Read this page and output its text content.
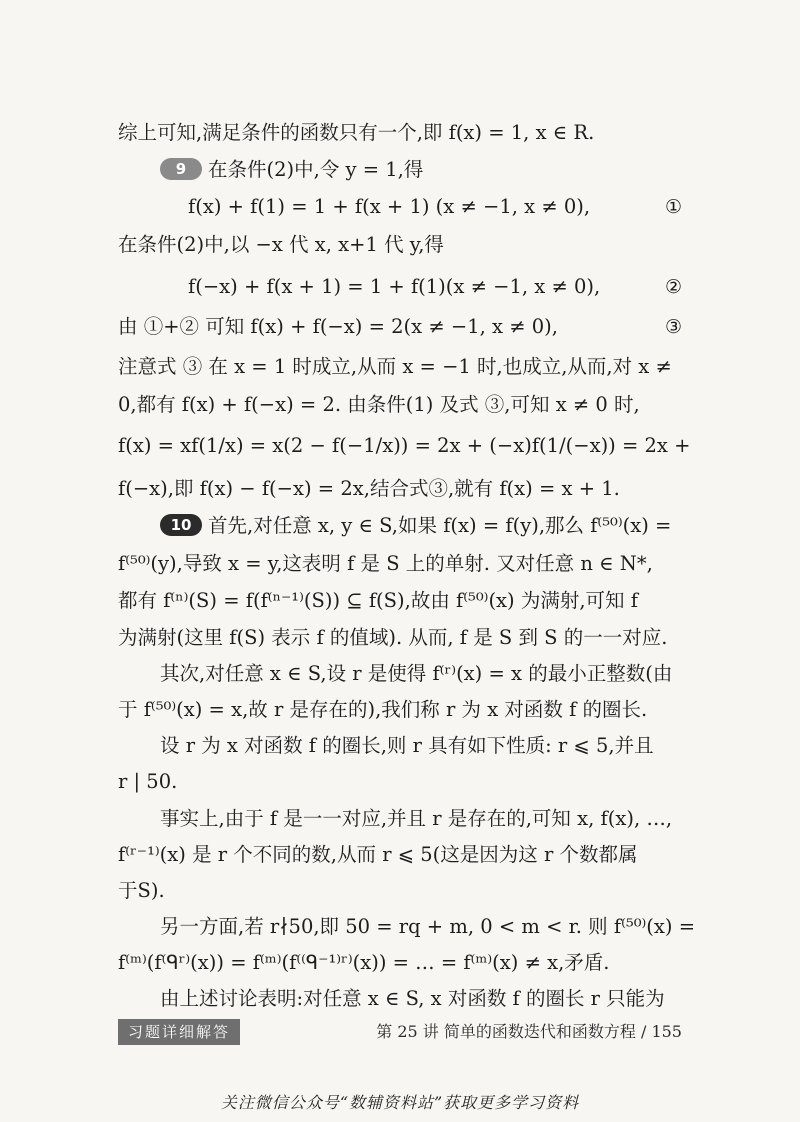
综上可知,满足条件的函数只有一个,即 f(x) = 1, x ∈ R.
9 在条件(2)中,令 y = 1,得
f(x) + f(1) = 1 + f(x + 1) (x ≠ −1, x ≠ 0),	①
在条件(2)中,以 −x 代 x, x+1 代 y,得
f(−x) + f(x + 1) = 1 + f(1)(x ≠ −1, x ≠ 0),	②
由 ①+② 可知 f(x) + f(−x) = 2(x ≠ −1, x ≠ 0),	③
注意式 ③ 在 x = 1 时成立,从而 x = −1 时,也成立,从而,对 x ≠
0,都有 f(x) + f(−x) = 2. 由条件(1) 及式 ③,可知 x ≠ 0 时,
f(x) = xf(1/x) = x(2 − f(−1/x)) = 2x + (−x)f(1/(−x)) = 2x +
f(−x),即 f(x) − f(−x) = 2x,结合式③,就有 f(x) = x + 1.
10 首先,对任意 x, y ∈ S,如果 f(x) = f(y),那么 f⁽⁵⁰⁾(x) =
f⁽⁵⁰⁾(y),导致 x = y,这表明 f 是 S 上的单射. 又对任意 n ∈ N*,
都有 f⁽ⁿ⁾(S) = f(f⁽ⁿ⁻¹⁾(S)) ⊆ f(S),故由 f⁽⁵⁰⁾(x) 为满射,可知 f
为满射(这里 f(S) 表示 f 的值域). 从而, f 是 S 到 S 的一一对应.
其次,对任意 x ∈ S,设 r 是使得 f⁽ʳ⁾(x) = x 的最小正整数(由
于 f⁽⁵⁰⁾(x) = x,故 r 是存在的),我们称 r 为 x 对函数 f 的圈长.
设 r 为 x 对函数 f 的圈长,则 r 具有如下性质: r ⩽ 5,并且
r | 50.
事实上,由于 f 是一一对应,并且 r 是存在的,可知 x, f(x), …,
f⁽ʳ⁻¹⁾(x) 是 r 个不同的数,从而 r ⩽ 5(这是因为这 r 个数都属
于S).
另一方面,若 r∤50,即 50 = rq + m, 0 < m < r. 则 f⁽⁵⁰⁾(x) =
f⁽ᵐ⁾(f⁽ᑫʳ⁾(x)) = f⁽ᵐ⁾(f⁽⁽ᑫ⁻¹⁾ʳ⁾(x)) = … = f⁽ᵐ⁾(x) ≠ x,矛盾.
由上述讨论表明:对任意 x ∈ S, x 对函数 f 的圈长 r 只能为
习题详细解答	第 25 讲 简单的函数迭代和函数方程 / 155
关注微信公众号“数辅资料站”获取更多学习资料
